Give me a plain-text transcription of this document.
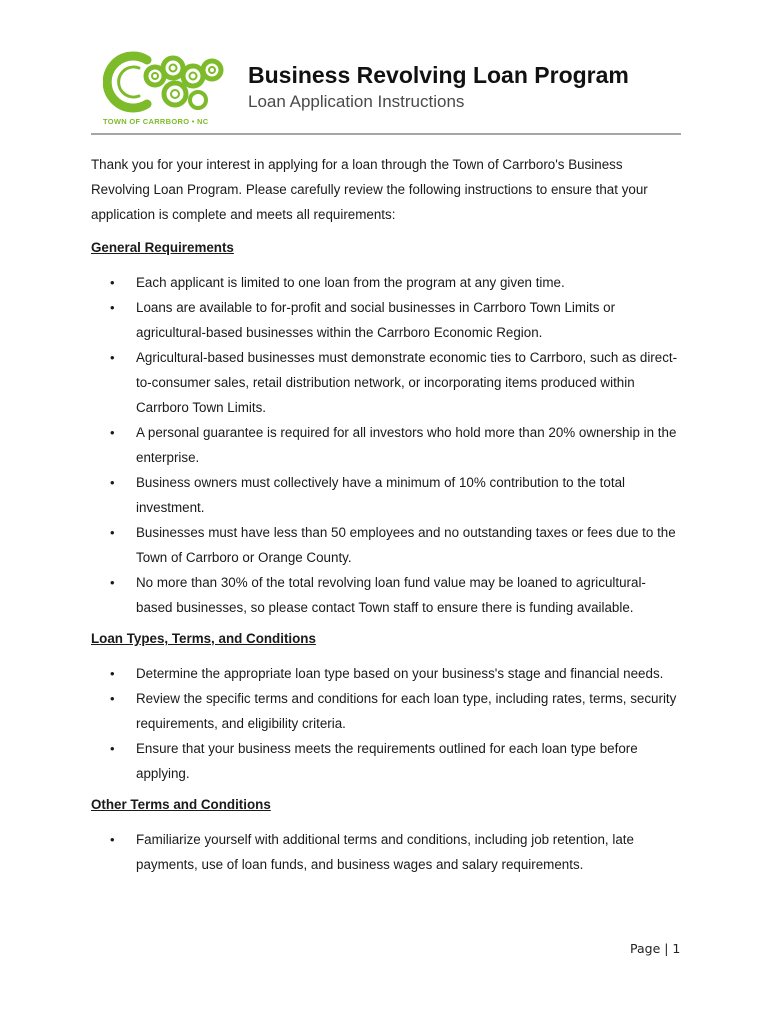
TOWN OF CARRBORO • NC
Business Revolving Loan Program
Loan Application Instructions

Thank you for your interest in applying for a loan through the Town of Carrboro's Business Revolving Loan Program. Please carefully review the following instructions to ensure that your application is complete and meets all requirements:

General Requirements

• Each applicant is limited to one loan from the program at any given time.
• Loans are available to for-profit and social businesses in Carrboro Town Limits or agricultural-based businesses within the Carrboro Economic Region.
• Agricultural-based businesses must demonstrate economic ties to Carrboro, such as direct-to-consumer sales, retail distribution network, or incorporating items produced within Carrboro Town Limits.
• A personal guarantee is required for all investors who hold more than 20% ownership in the enterprise.
• Business owners must collectively have a minimum of 10% contribution to the total investment.
• Businesses must have less than 50 employees and no outstanding taxes or fees due to the Town of Carrboro or Orange County.
• No more than 30% of the total revolving loan fund value may be loaned to agricultural-based businesses, so please contact Town staff to ensure there is funding available.

Loan Types, Terms, and Conditions

• Determine the appropriate loan type based on your business's stage and financial needs.
• Review the specific terms and conditions for each loan type, including rates, terms, security requirements, and eligibility criteria.
• Ensure that your business meets the requirements outlined for each loan type before applying.

Other Terms and Conditions

• Familiarize yourself with additional terms and conditions, including job retention, late payments, use of loan funds, and business wages and salary requirements.
Page | 1
